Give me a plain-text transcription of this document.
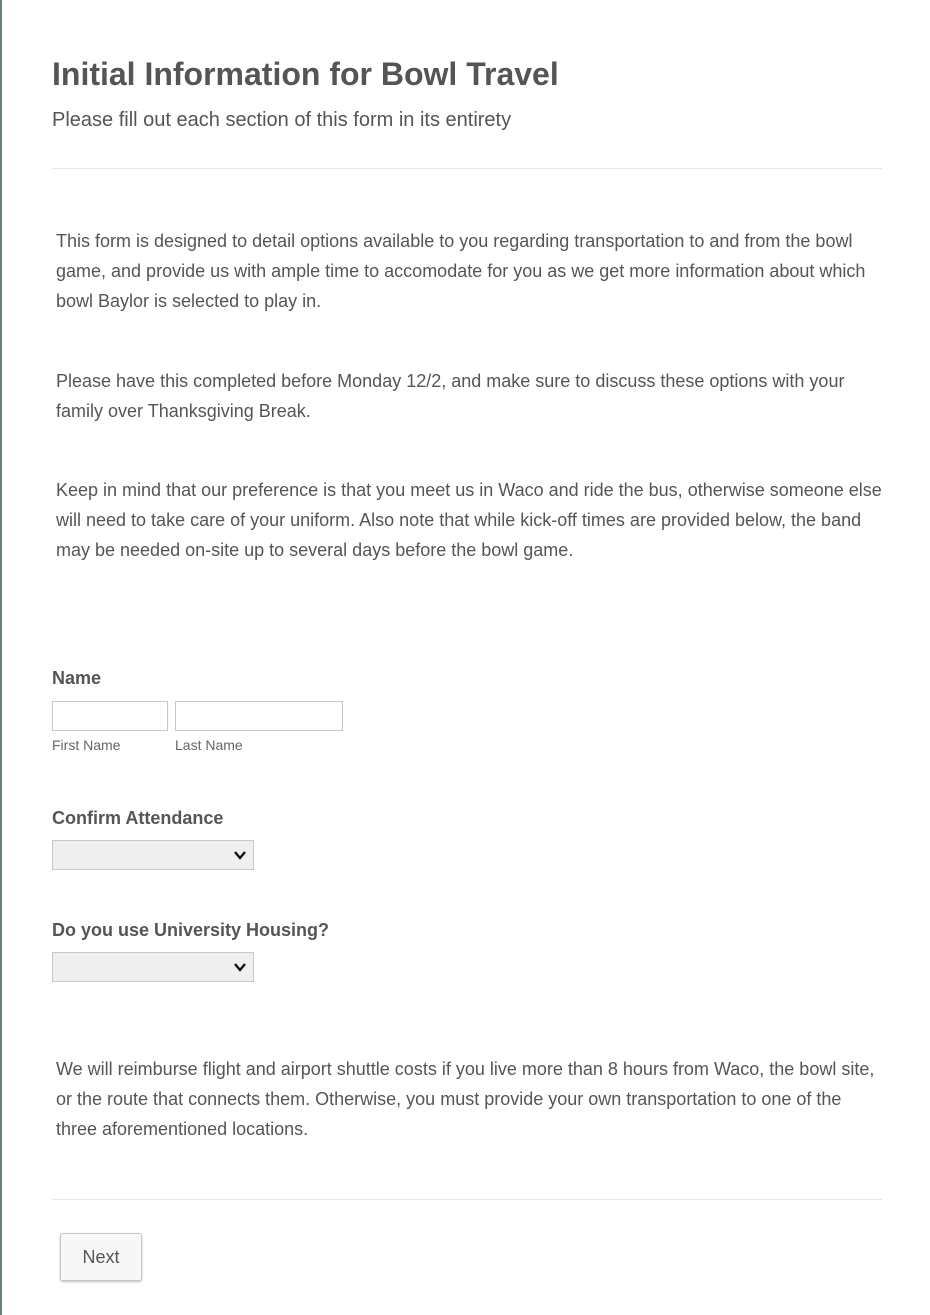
Initial Information for Bowl Travel
Please fill out each section of this form in its entirety
This form is designed to detail options available to you regarding transportation to and from the bowl game, and provide us with ample time to accomodate for you as we get more information about which bowl Baylor is selected to play in.
Please have this completed before Monday 12/2, and make sure to discuss these options with your family over Thanksgiving Break.
Keep in mind that our preference is that you meet us in Waco and ride the bus, otherwise someone else will need to take care of your uniform. Also note that while kick-off times are provided below, the band may be needed on-site up to several days before the bowl game.
Name
First Name	Last Name
Confirm Attendance
Do you use University Housing?
We will reimburse flight and airport shuttle costs if you live more than 8 hours from Waco, the bowl site, or the route that connects them. Otherwise, you must provide your own transportation to one of the three aforementioned locations.
Next
